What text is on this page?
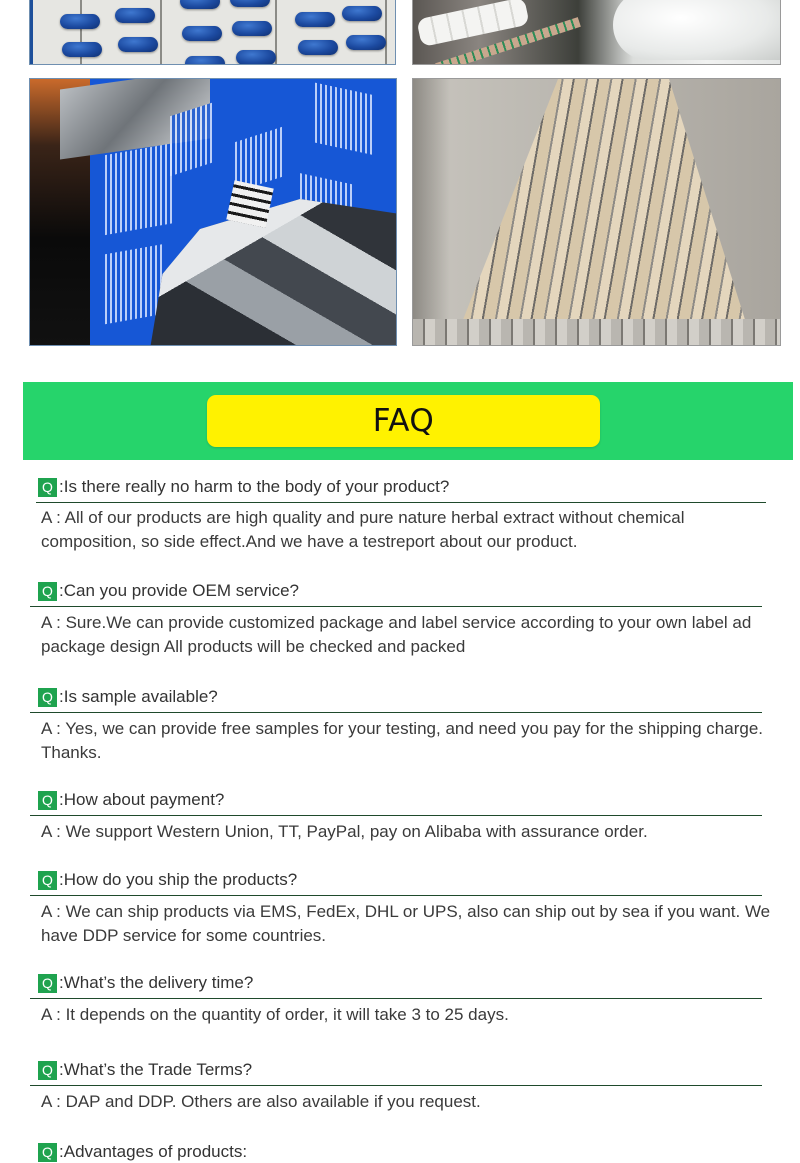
FAQ
Q : Is there really no harm to the body of your product?
A : All of our products are high quality and pure nature herbal extract without chemical composition, so side effect.And we have a testreport about our product.
Q : Can you provide OEM service?
A : Sure.We can provide customized package and label service according to your own label ad package design All products will be checked and packed
Q : Is sample available?
A : Yes, we can provide free samples for your testing, and need you pay for the shipping charge. Thanks.
Q : How about payment?
A : We support Western Union, TT, PayPal, pay on Alibaba with assurance order.
Q : How do you ship the products?
A : We can ship products via EMS, FedEx, DHL or UPS, also can ship out by sea if you want. We have DDP service for some countries.
Q : What’s the delivery time?
A : It depends on the quantity of order, it will take 3 to 25 days.
Q : What’s the Trade Terms?
A : DAP and DDP. Others are also available if you request.
Q : Advantages of products:
